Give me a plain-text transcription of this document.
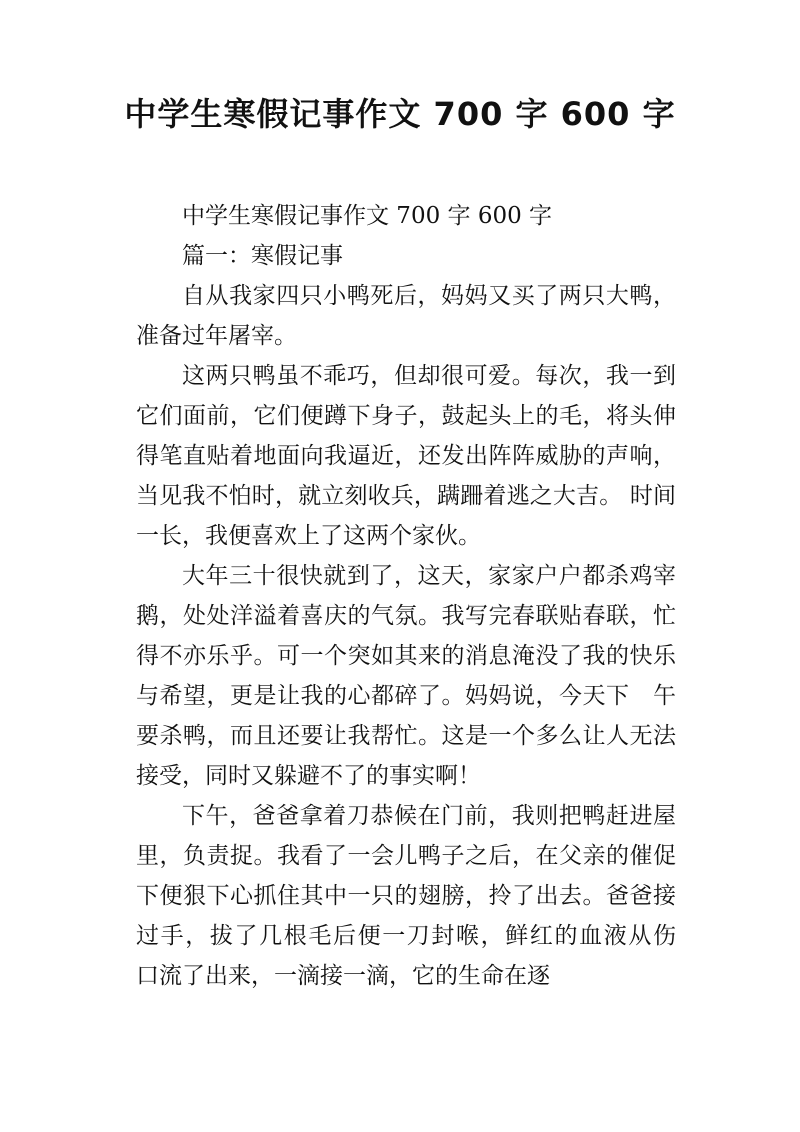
中学生寒假记事作文 700 字 600 字

中学生寒假记事作文 700 字 600 字

篇一：寒假记事

自从我家四只小鸭死后，妈妈又买了两只大鸭，准备过年屠宰。

这两只鸭虽不乖巧，但却很可爱。每次，我一到它们面前，它们便蹲下身子，鼓起头上的毛，将头伸得笔直贴着地面向我逼近，还发出阵阵威胁的声响，当见我不怕时，就立刻收兵，蹒跚着逃之大吉。 时间一长，我便喜欢上了这两个家伙。

大年三十很快就到了，这天，家家户户都杀鸡宰鹅，处处洋溢着喜庆的气氛。我写完春联贴春联，忙得不亦乐乎。可一个突如其来的消息淹没了我的快乐与希望，更是让我的心都碎了。妈妈说，今天下　午要杀鸭，而且还要让我帮忙。这是一个多么让人无法接受，同时又躲避不了的事实啊！

下午，爸爸拿着刀恭候在门前，我则把鸭赶进屋里，负责捉。我看了一会儿鸭子之后，在父亲的催促下便狠下心抓住其中一只的翅膀，拎了出去。爸爸接过手，拔了几根毛后便一刀封喉，鲜红的血液从伤　口流了出来，一滴接一滴，它的生命在逐
